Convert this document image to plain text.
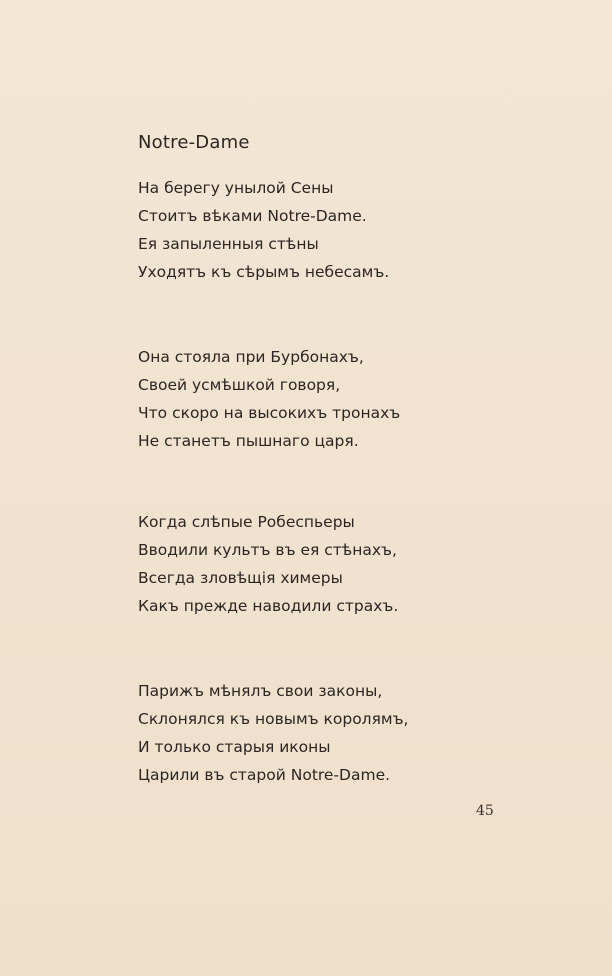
Notre-Dame
На берегу унылой Сены
Стоитъ вѣками Notre-Dame.
Ея запыленныя стѣны
Уходятъ къ сѣрымъ небесамъ.
Она стояла при Бурбонахъ,
Своей усмѣшкой говоря,
Что скоро на высокихъ тронахъ
Не станетъ пышнаго царя.
Когда слѣпые Робеспьеры
Вводили культъ въ ея стѣнахъ,
Всегда зловѣщія химеры
Какъ прежде наводили страхъ.
Парижъ мѣнялъ свои законы,
Склонялся къ новымъ королямъ,
И только старыя иконы
Царили въ старой Notre-Dame.
45
